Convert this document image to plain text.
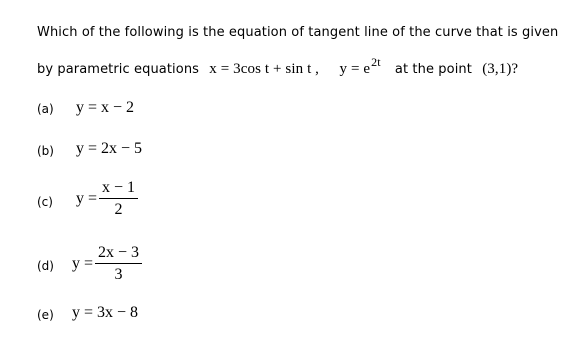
Which of the following is the equation of tangent line of the curve that is given
by parametric equations x = 3cos t + sin t , $y = e^{2t}$ at the point (3,1)?
(a) y = x − 2
(b) y = 2x − 5
(c) $y = \frac{x - 1}{2}$
(d) $y = \frac{2x - 3}{3}$
(e) y = 3x − 8
